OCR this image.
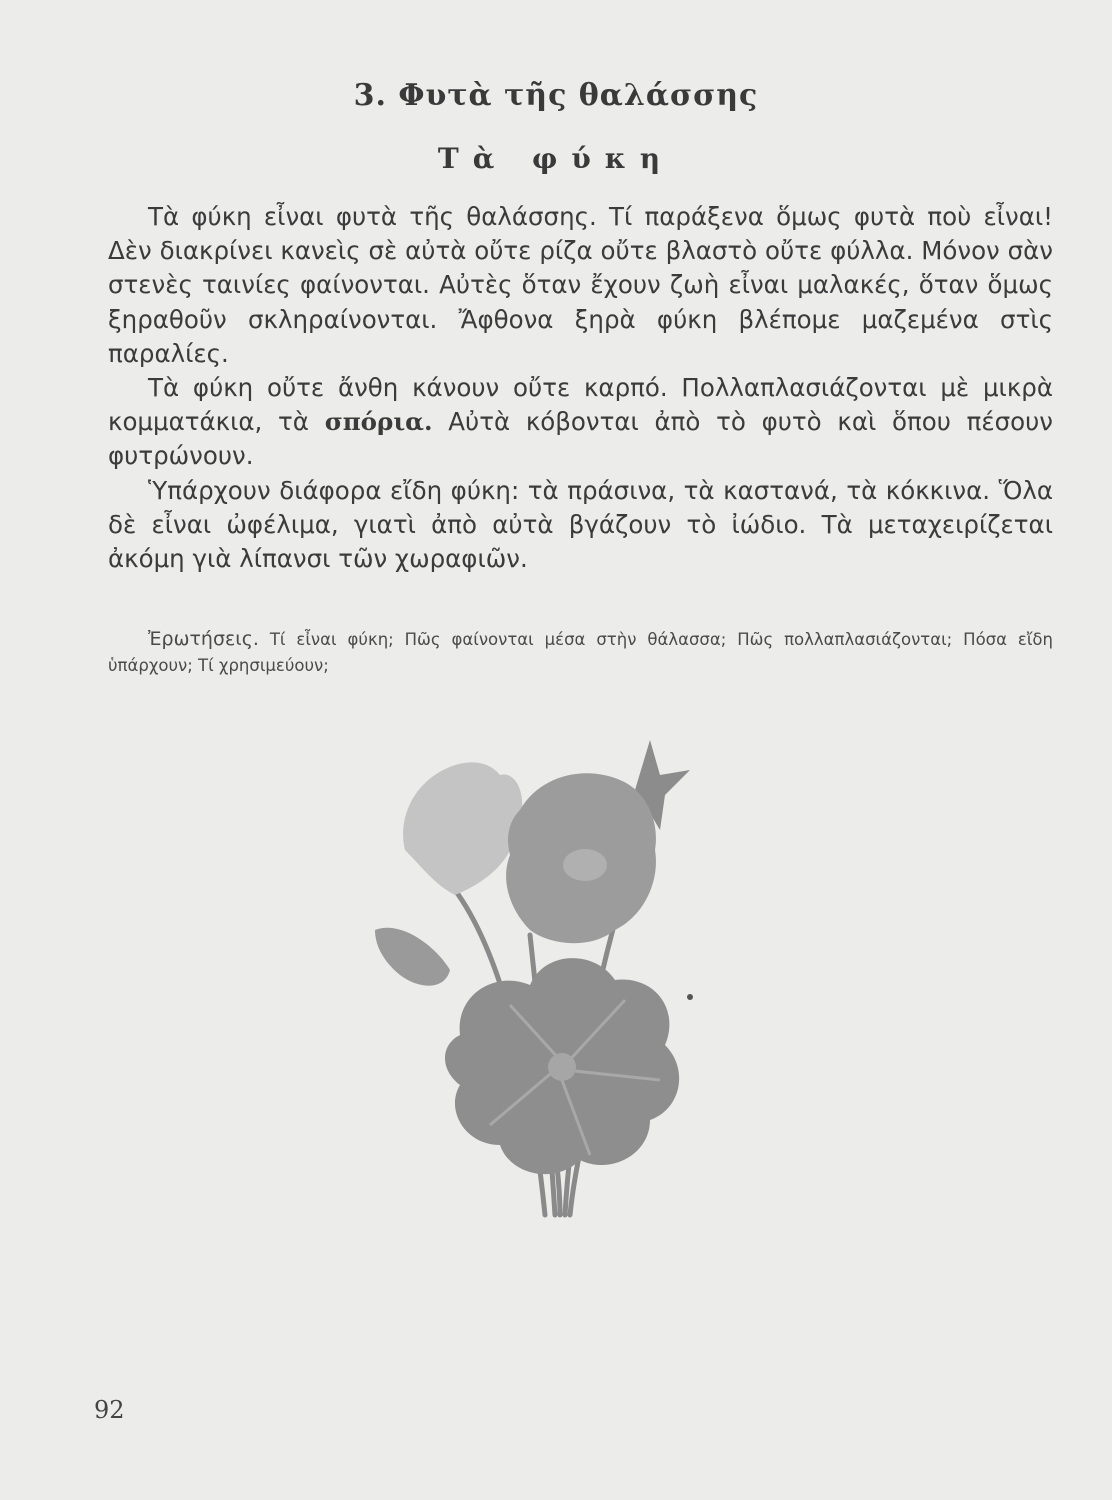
3. Φυτὰ τῆς θαλάσσης
Τὰ φύκη

Τὰ φύκη εἶναι φυτὰ τῆς θαλάσσης. Τί παράξενα ὅμως φυτὰ ποὺ εἶναι! Δὲν διακρίνει κανεὶς σὲ αὐτὰ οὔτε ρίζα οὔτε βλαστὸ οὔτε φύλλα. Μόνον σὰν στενὲς ταινίες φαίνονται. Αὐτὲς ὅταν ἔχουν ζωὴ εἶναι μαλακές, ὅταν ὅμως ξηραθοῦν σκληραίνονται. Ἄφθονα ξηρὰ φύκη βλέπομε μαζεμένα στὶς παραλίες.

Τὰ φύκη οὔτε ἄνθη κάνουν οὔτε καρπό. Πολλαπλασιάζονται μὲ μικρὰ κομματάκια, τὰ σπόρια. Αὐτὰ κόβονται ἀπὸ τὸ φυτὸ καὶ ὅπου πέσουν φυτρώνουν.

Ὑπάρχουν διάφορα εἴδη φύκη: τὰ πράσινα, τὰ καστανά, τὰ κόκκινα. Ὅλα δὲ εἶναι ὠφέλιμα, γιατὶ ἀπὸ αὐτὰ βγάζουν τὸ ἰώδιο. Τὰ μεταχειρίζεται ἀκόμη γιὰ λίπανσι τῶν χωραφιῶν.

Ἐρωτήσεις. Τί εἶναι φύκη; Πῶς φαίνονται μέσα στὴν θάλασσα; Πῶς πολλαπλασιάζονται; Πόσα εἴδη ὑπάρχουν; Τί χρησιμεύουν;
92
